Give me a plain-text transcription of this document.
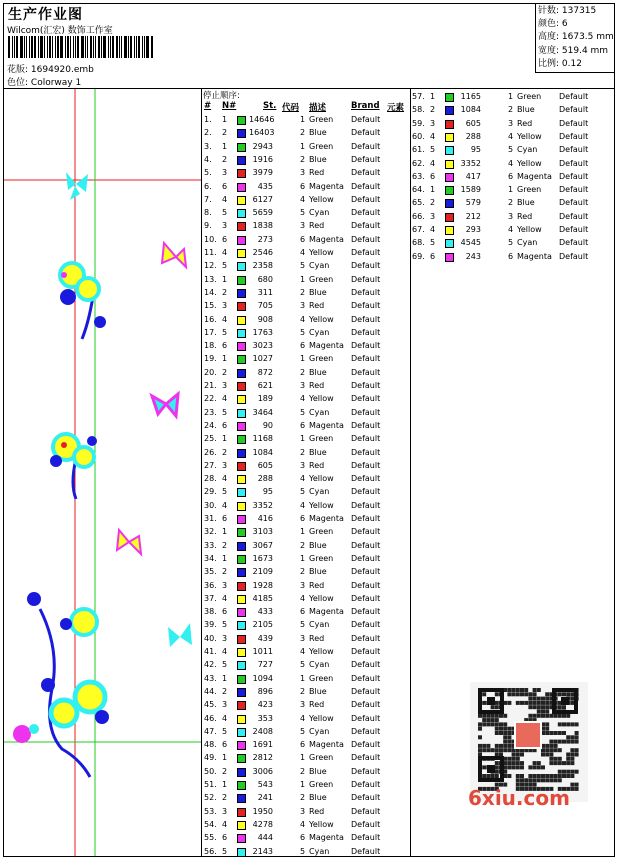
生产作业图
Wilcom(汇宏) 数饰工作室
花版: 1694920.emb
色位: Colorway 1
针数: 137315
颜色: 6
高度: 1673.5 mm
宽度: 519.4 mm
比例: 0.12
停止顺序:
# N#	St. 代码 描述	Brand 元素
1. 1	14646	1 Green Default
2. 2	16403	2 Blue	Default
3. 1	2943	1 Green Default
4. 2	1916	2 Blue	Default
5. 3	3979	3 Red	Default
6. 6	435	6 Magenta Default
7. 4	6127	4 Yellow Default
8. 5	5659	5 Cyan	Default
9. 3	1838	3 Red	Default
10. 6	273	6 Magenta Default
11. 4	2546	4 Yellow Default
12. 5	2358	5 Cyan	Default
13. 1	680	1 Green Default
14. 2	311	2 Blue	Default
15. 3	705	3 Red	Default
16. 4	908	4 Yellow Default
17. 5	1763	5 Cyan	Default
18. 6	3023	6 Magenta Default
19. 1	1027	1 Green Default
20. 2	872	2 Blue	Default
21. 3	621	3 Red	Default
22. 4	189	4 Yellow Default
23. 5	3464	5 Cyan	Default
24. 6	90	6 Magenta Default
25. 1	1168	1 Green Default
26. 2	1084	2 Blue	Default
27. 3	605	3 Red	Default
28. 4	288	4 Yellow Default
29. 5	95	5 Cyan	Default
30. 4	3352	4 Yellow Default
31. 6	416	6 Magenta Default
32. 1	3103	1 Green Default
33. 2	3067	2 Blue	Default
34. 1	1673	1 Green Default
35. 2	2109	2 Blue	Default
36. 3	1928	3 Red	Default
37. 4	4185	4 Yellow Default
38. 6	433	6 Magenta Default
39. 5	2105	5 Cyan	Default
40. 3	439	3 Red	Default
41. 4	1011	4 Yellow Default
42. 5	727	5 Cyan	Default
43. 1	1094	1 Green Default
44. 2	896	2 Blue	Default
45. 3	423	3 Red	Default
46. 4	353	4 Yellow Default
47. 5	2408	5 Cyan	Default
48. 6	1691	6 Magenta Default
49. 1	2812	1 Green Default
50. 2	3006	2 Blue	Default
51. 1	543	1 Green Default
52. 2	241	2 Blue	Default
53. 3	1950	3 Red	Default
54. 4	4278	4 Yellow Default
55. 6	444	6 Magenta Default
56. 5	2143	5 Cyan	Default
57. 1	1165	1 Green Default
58. 2	1084	2 Blue	Default
59. 3	605	3 Red	Default
60. 4	288	4 Yellow Default
61. 5	95	5 Cyan	Default
62. 4	3352	4 Yellow Default
63. 6	417	6 Magenta Default
64. 1	1589	1 Green Default
65. 2	579	2 Blue	Default
66. 3	212	3 Red	Default
67. 4	293	4 Yellow Default
68. 5	4545	5 Cyan	Default
69. 6	243	6 Magenta Default
6xiu.com
